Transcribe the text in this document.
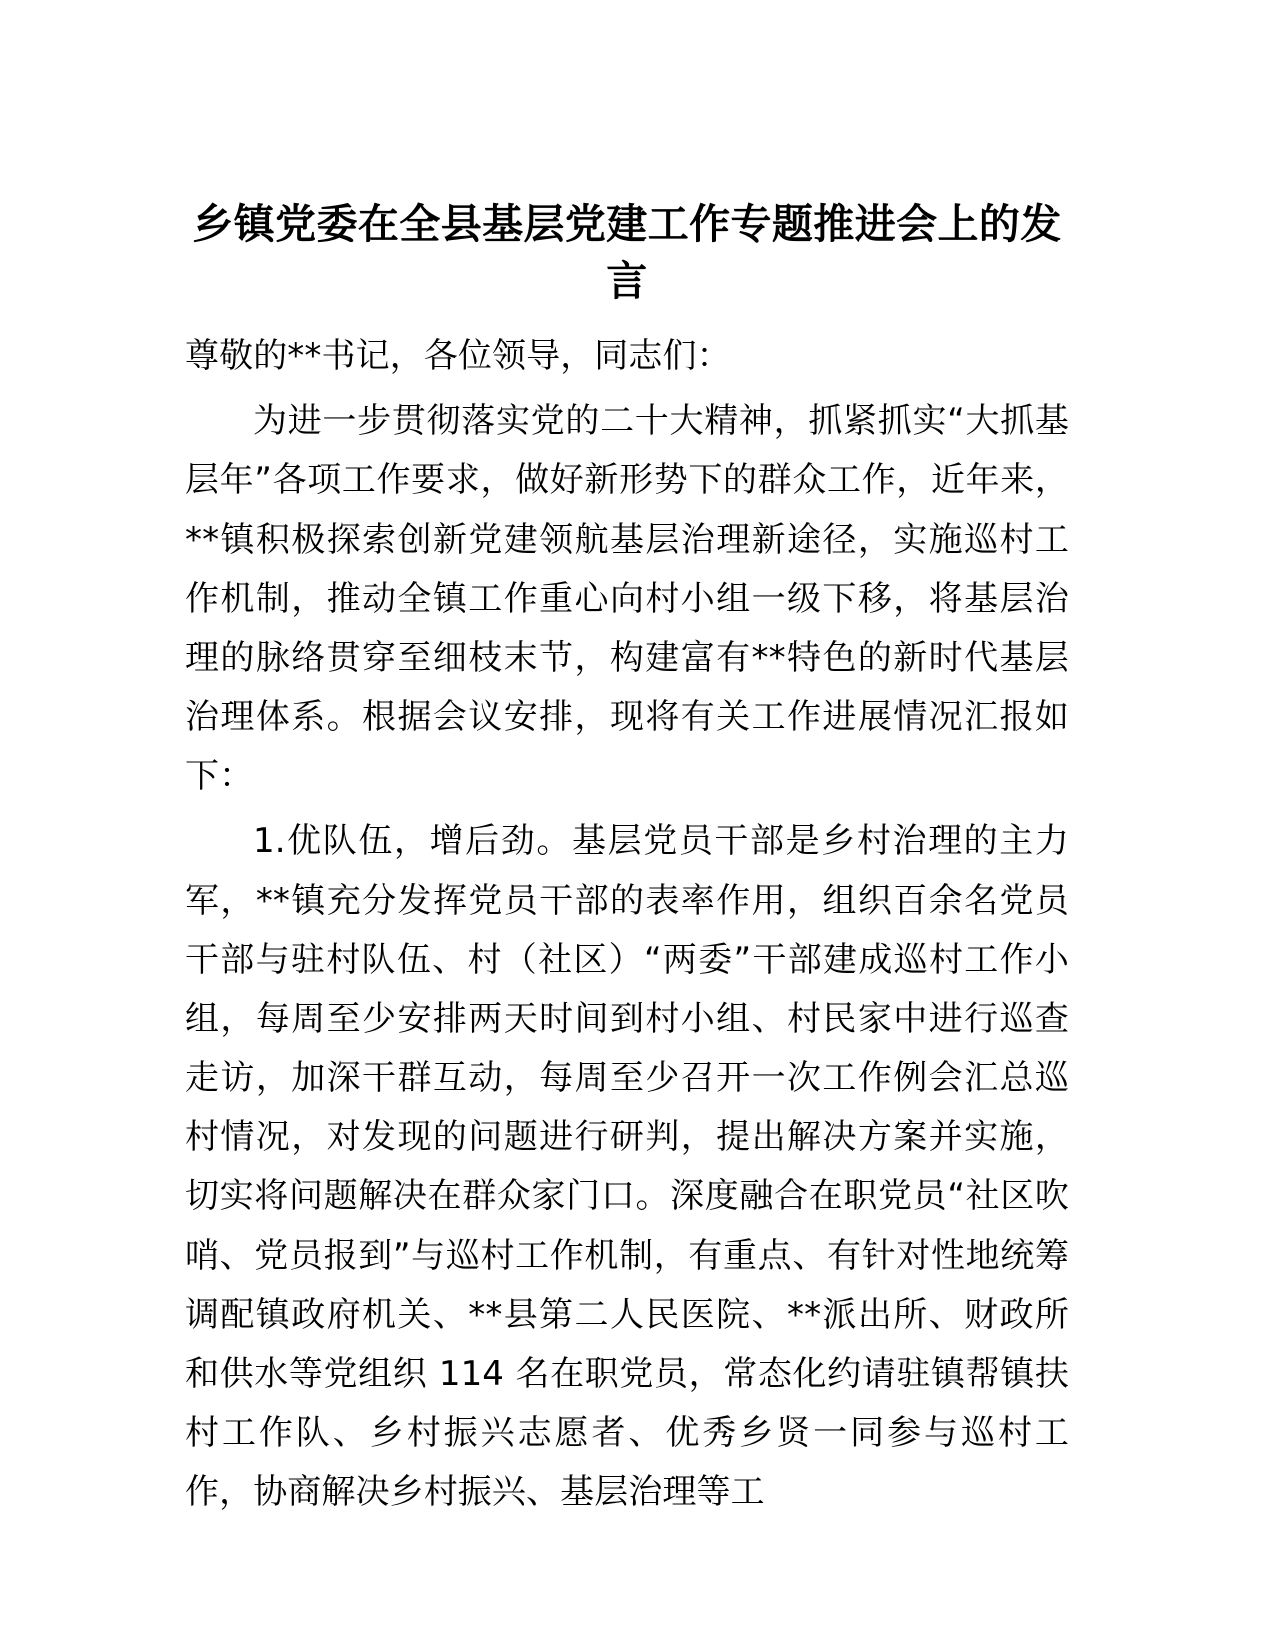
乡镇党委在全县基层党建工作专题推进会上的发言

尊敬的**书记，各位领导，同志们：

为进一步贯彻落实党的二十大精神，抓紧抓实“大抓基层年”各项工作要求，做好新形势下的群众工作，近年来，**镇积极探索创新党建领航基层治理新途径，实施巡村工作机制，推动全镇工作重心向村小组一级下移，将基层治理的脉络贯穿至细枝末节，构建富有**特色的新时代基层治理体系。根据会议安排，现将有关工作进展情况汇报如下：

1.优队伍，增后劲。基层党员干部是乡村治理的主力军，**镇充分发挥党员干部的表率作用，组织百余名党员干部与驻村队伍、村（社区）“两委”干部建成巡村工作小组，每周至少安排两天时间到村小组、村民家中进行巡查走访，加深干群互动，每周至少召开一次工作例会汇总巡村情况，对发现的问题进行研判，提出解决方案并实施，切实将问题解决在群众家门口。深度融合在职党员“社区吹哨、党员报到”与巡村工作机制，有重点、有针对性地统筹调配镇政府机关、**县第二人民医院、**派出所、财政所和供水等党组织 114 名在职党员，常态化约请驻镇帮镇扶村工作队、乡村振兴志愿者、优秀乡贤一同参与巡村工作，协商解决乡村振兴、基层治理等工
